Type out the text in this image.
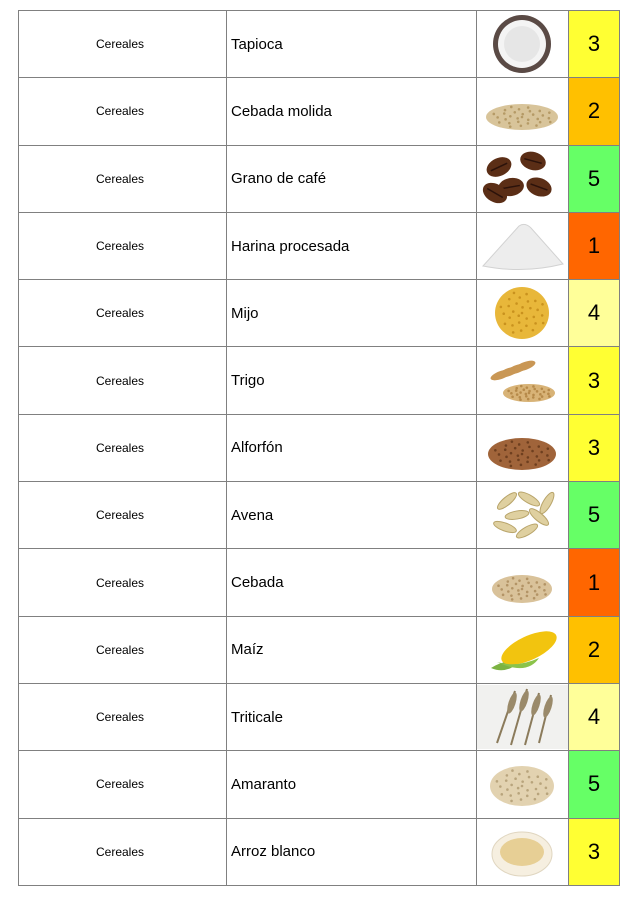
Cereales	Tapioca		3

Cereales	Cebada molida		2

Cereales	Grano de café		5

Cereales	Harina procesada		1

Cereales	Mijo		4

Cereales	Trigo		3

Cereales	Alforfón		3

Cereales	Avena		5

Cereales	Cebada		1

Cereales	Maíz		2

Cereales	Triticale		4

Cereales	Amaranto		5

Cereales	Arroz blanco		3
